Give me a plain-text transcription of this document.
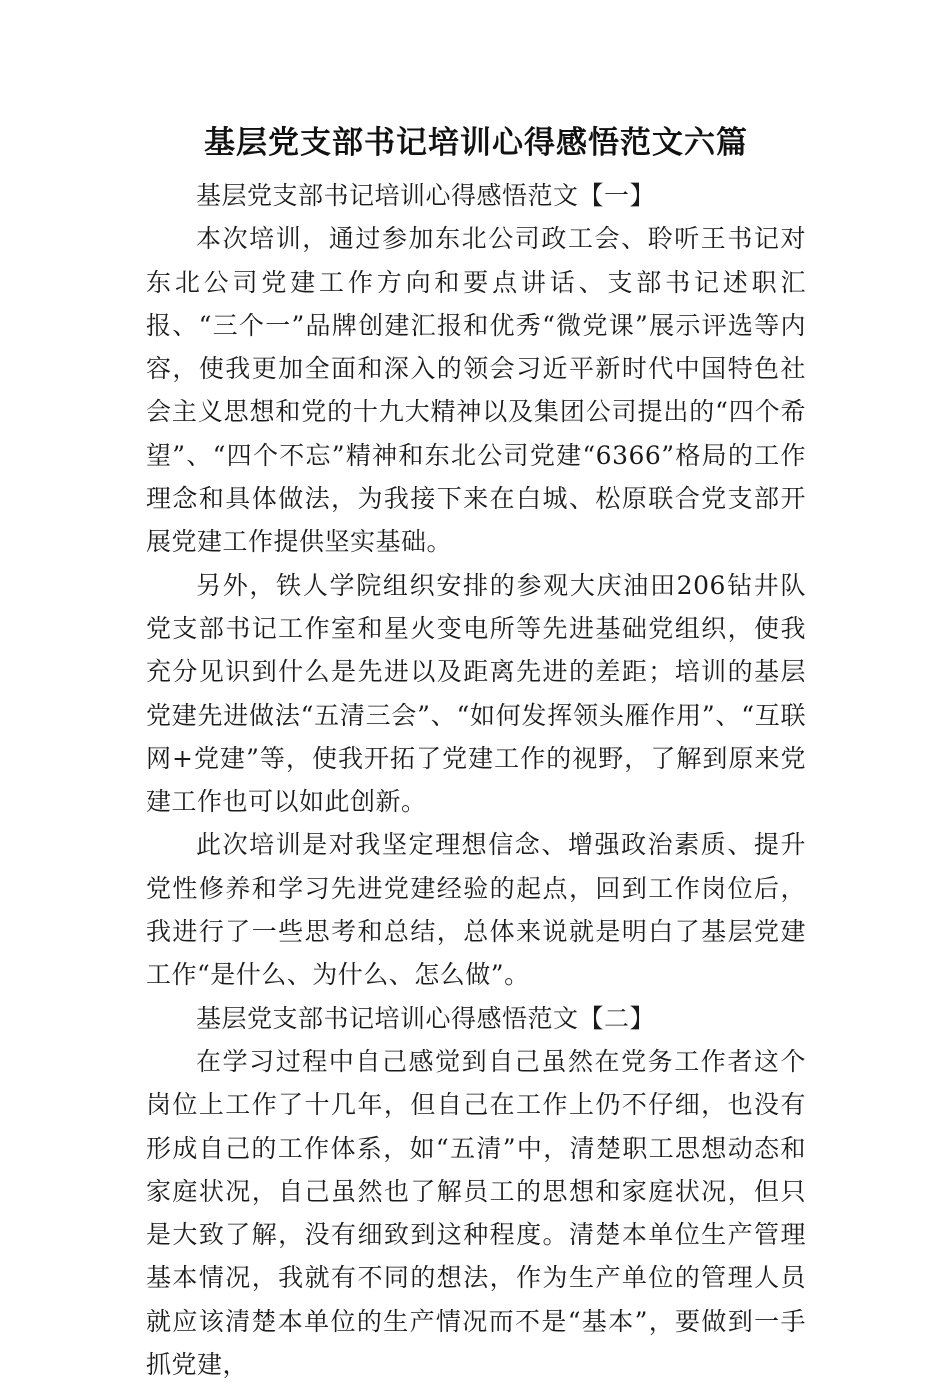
基层党支部书记培训心得感悟范文六篇

基层党支部书记培训心得感悟范文【一】

本次培训，通过参加东北公司政工会、聆听王书记对东北公司党建工作方向和要点讲话、支部书记述职汇报、“三个一”品牌创建汇报和优秀“微党课”展示评选等内容，使我更加全面和深入的领会习近平新时代中国特色社会主义思想和党的十九大精神以及集团公司提出的“四个希望”、“四个不忘”精神和东北公司党建“6366”格局的工作理念和具体做法，为我接下来在白城、松原联合党支部开展党建工作提供坚实基础。

另外，铁人学院组织安排的参观大庆油田206钻井队党支部书记工作室和星火变电所等先进基础党组织，使我充分见识到什么是先进以及距离先进的差距；培训的基层党建先进做法“五清三会”、“如何发挥领头雁作用”、“互联网+党建”等，使我开拓了党建工作的视野，了解到原来党建工作也可以如此创新。

此次培训是对我坚定理想信念、增强政治素质、提升党性修养和学习先进党建经验的起点，回到工作岗位后，我进行了一些思考和总结，总体来说就是明白了基层党建工作“是什么、为什么、怎么做”。

基层党支部书记培训心得感悟范文【二】

在学习过程中自己感觉到自己虽然在党务工作者这个岗位上工作了十几年，但自己在工作上仍不仔细，也没有形成自己的工作体系，如“五清”中，清楚职工思想动态和家庭状况，自己虽然也了解员工的思想和家庭状况，但只是大致了解，没有细致到这种程度。清楚本单位生产管理基本情况，我就有不同的想法，作为生产单位的管理人员就应该清楚本单位的生产情况而不是“基本”，要做到一手抓党建，
